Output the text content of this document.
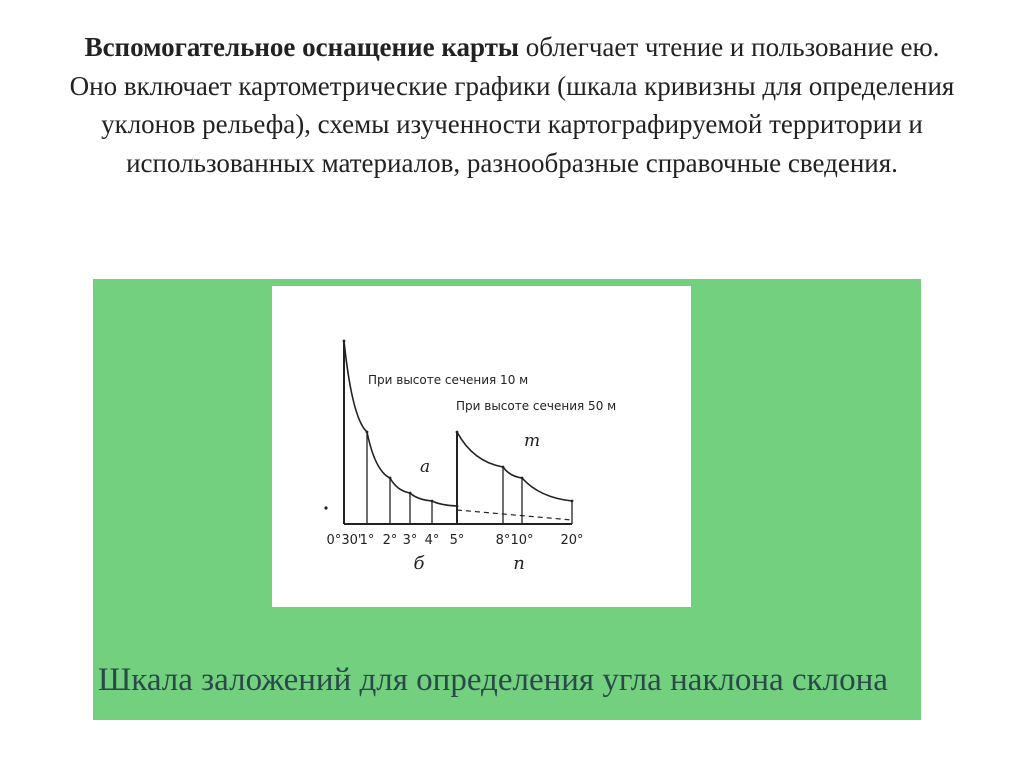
Вспомогательное оснащение карты облегчает чтение и пользование ею. Оно включает картометрические графики (шкала кривизны для определения уклонов рельефа), схемы изученности картографируемой территории и использованных материалов, разнообразные справочные сведения.
0°30'
1° 2° 3° 4° 5° 8° 10° 20°
При высоте сечения 10 м
а
б
При высоте сечения 50 м
m
n
Шкала заложений для определения угла наклона склона
